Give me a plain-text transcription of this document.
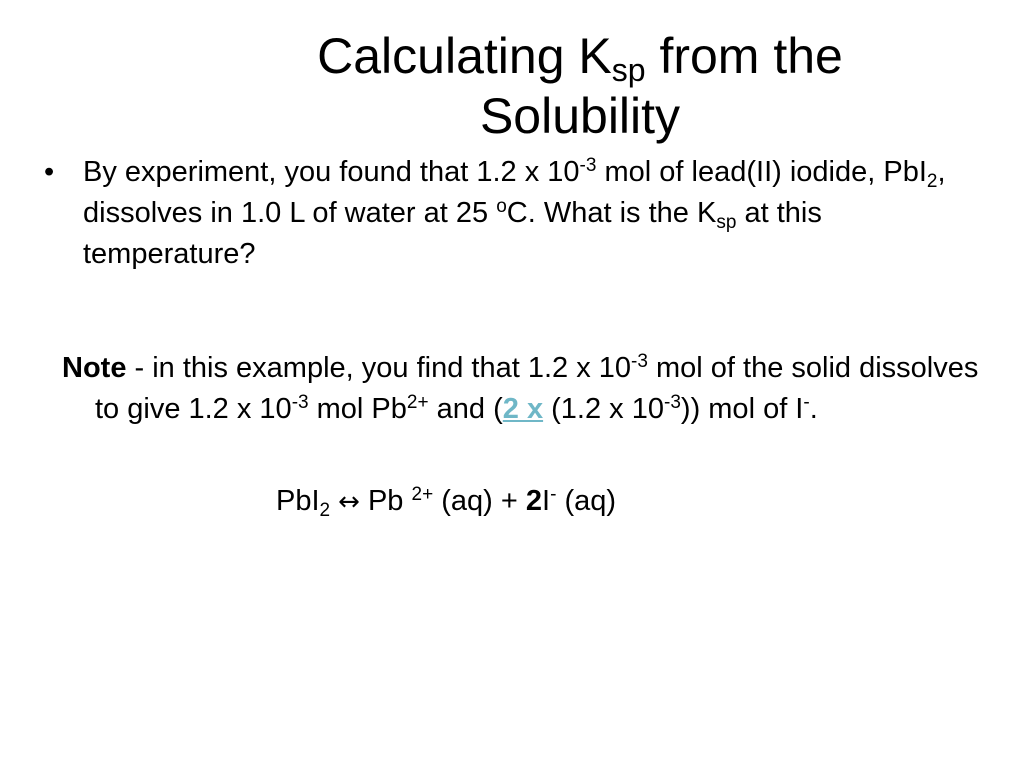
Calculating $K_{sp}$ from the
Solubility
• By experiment, you found that 1.2 x $10^{-3}$ mol of lead(II) iodide, PbI$_2$, dissolves in 1.0 L of water at 25 $^o$C. What is the $K_{sp}$ at this temperature?
Note - in this example, you find that 1.2 x $10^{-3}$ mol of the solid dissolves to give 1.2 x $10^{-3}$ mol $Pb^{2+}$ and (2 x (1.2 x $10^{-3}$)) mol of I-.
PbI$_2$ ↔ Pb $^{2+}$ (aq) + 2I- (aq)
